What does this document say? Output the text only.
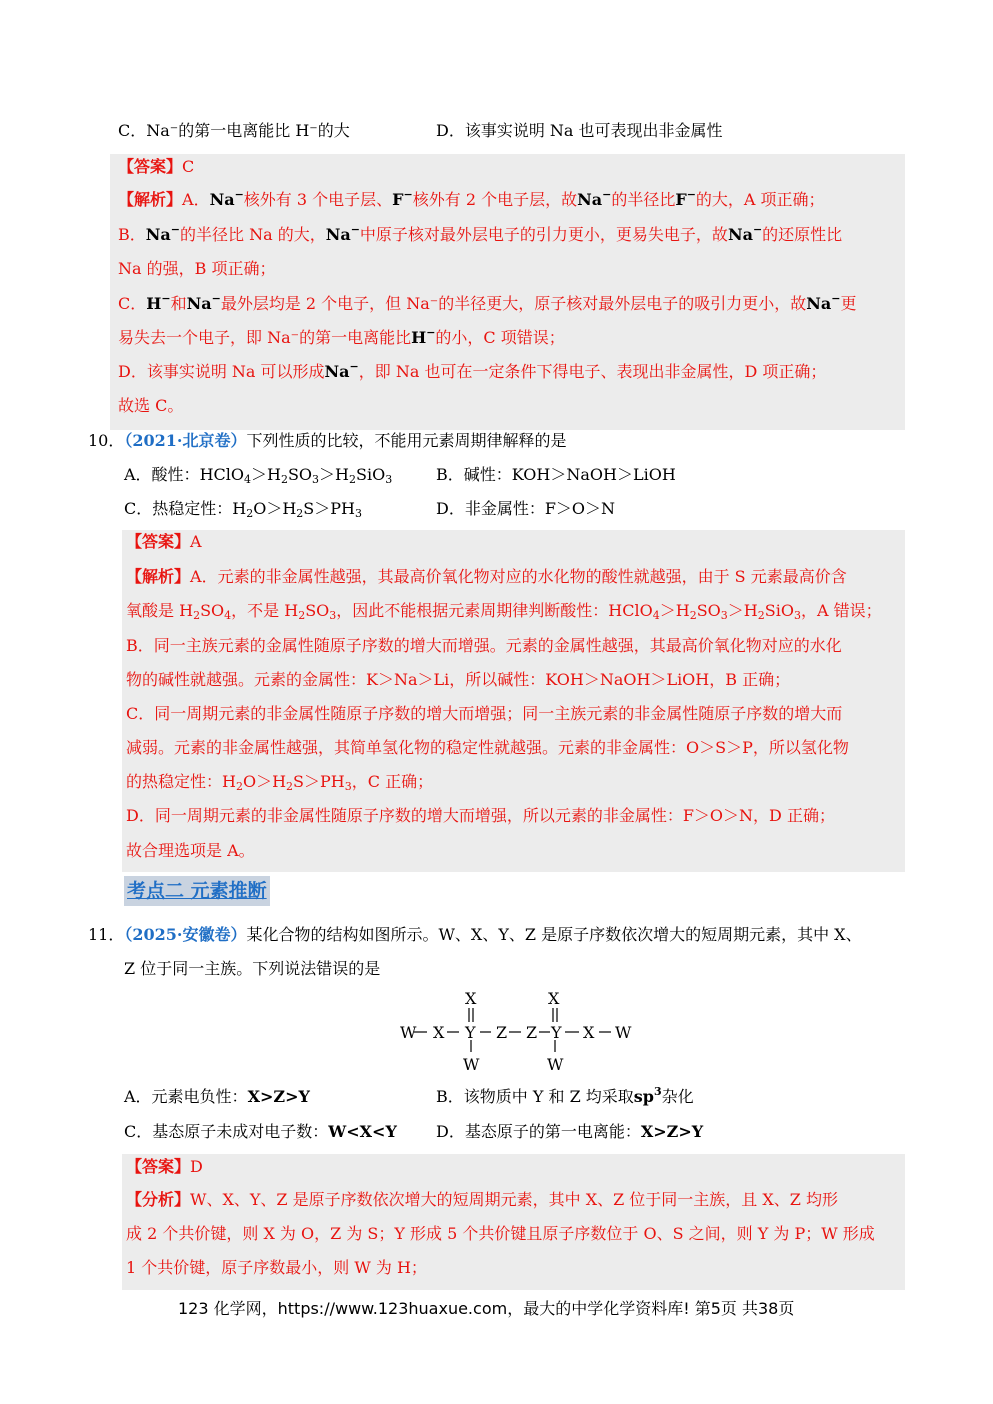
C．Na⁻的第一电离能比 H⁻的大	D．该事实说明 Na 也可表现出非金属性
【答案】C
【解析】A．Na−核外有 3 个电子层、F−核外有 2 个电子层，故Na−的半径比F−的大，A 项正确；
B．Na−的半径比 Na 的大，Na−中原子核对最外层电子的引力更小，更易失电子，故Na−的还原性比
Na 的强，B 项正确；
C．H−和Na−最外层均是 2 个电子，但 Na⁻的半径更大，原子核对最外层电子的吸引力更小，故Na−更
易失去一个电子，即 Na⁻的第一电离能比H−的小，C 项错误；
D．该事实说明 Na 可以形成Na−，即 Na 也可在一定条件下得电子、表现出非金属性，D 项正确；
故选 C。
10．（2021·北京卷）下列性质的比较，不能用元素周期律解释的是
A．酸性：$HClO_4>H_2SO_3>H_2SiO_3$	B．碱性：KOH＞NaOH＞LiOH
C．热稳定性：$H_2O>H_2S>PH_3$	D．非金属性：F＞O＞N
【答案】A
【解析】A．元素的非金属性越强，其最高价氧化物对应的水化物的酸性就越强，由于 S 元素最高价含
氧酸是 $H_2SO_4$，不是 $H_2SO_3$，因此不能根据元素周期律判断酸性：$HClO_4>H_2SO_3>H_2SiO_3$，A 错误；
B．同一主族元素的金属性随原子序数的增大而增强。元素的金属性越强，其最高价氧化物对应的水化
物的碱性就越强。元素的金属性：K＞Na＞Li，所以碱性：KOH＞NaOH＞LiOH，B 正确；
C．同一周期元素的非金属性随原子序数的增大而增强；同一主族元素的非金属性随原子序数的增大而
减弱。元素的非金属性越强，其简单氢化物的稳定性就越强。元素的非金属性：O＞S＞P，所以氢化物
的热稳定性：$H_2O>H_2S>PH_3$，C 正确；
D．同一周期元素的非金属性随原子序数的增大而增强，所以元素的非金属性：F＞O＞N，D 正确；
故合理选项是 A。
考点二 元素推断
11．（2025·安徽卷）某化合物的结构如图所示。W、X、Y、Z 是原子序数依次增大的短周期元素，其中 X、
Z 位于同一主族。下列说法错误的是
W X Y Z Z Y X W
X	X
W	W
A．元素电负性：X>Z>Y	B．该物质中 Y 和 Z 均采取$sp^3$杂化
C．基态原子未成对电子数：W<X<Y D．基态原子的第一电离能：X>Z>Y
【答案】D
【分析】W、X、Y、Z 是原子序数依次增大的短周期元素，其中 X、Z 位于同一主族，且 X、Z 均形
成 2 个共价键，则 X 为 O，Z 为 S；Y 形成 5 个共价键且原子序数位于 O、S 之间，则 Y 为 P；W 形成
1 个共价键，原子序数最小，则 W 为 H；
123 化学网，https://www.123huaxue.com，最大的中学化学资料库! 第5页 共38页
